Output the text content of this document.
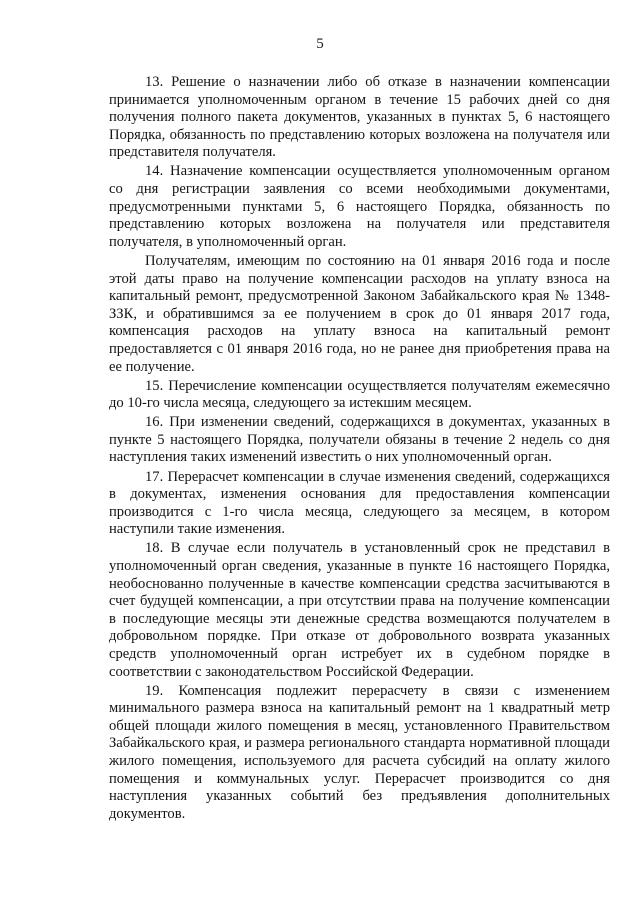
5

13. Решение о назначении либо об отказе в назначении компенсации принимается уполномоченным органом в течение 15 рабочих дней со дня получения полного пакета документов, указанных в пунктах 5, 6 настоящего Порядка, обязанность по представлению которых возложена на получателя или представителя получателя.

14. Назначение компенсации осуществляется уполномоченным органом со дня регистрации заявления со всеми необходимыми документами, предусмотренными пунктами 5, 6 настоящего Порядка, обязанность по представлению которых возложена на получателя или представителя получателя, в уполномоченный орган.

Получателям, имеющим по состоянию на 01 января 2016 года и после этой даты право на получение компенсации расходов на уплату взноса на капитальный ремонт, предусмотренной Законом Забайкальского края № 1348-ЗЗК, и обратившимся за ее получением в срок до 01 января 2017 года, компенсация расходов на уплату взноса на капитальный ремонт предоставляется с 01 января 2016 года, но не ранее дня приобретения права на ее получение.

15. Перечисление компенсации осуществляется получателям ежемесячно до 10-го числа месяца, следующего за истекшим месяцем.

16. При изменении сведений, содержащихся в документах, указанных в пункте 5 настоящего Порядка, получатели обязаны в течение 2 недель со дня наступления таких изменений известить о них уполномоченный орган.

17. Перерасчет компенсации в случае изменения сведений, содержащихся в документах, изменения основания для предоставления компенсации производится с 1-го числа месяца, следующего за месяцем, в котором наступили такие изменения.

18. В случае если получатель в установленный срок не представил в уполномоченный орган сведения, указанные в пункте 16 настоящего Порядка, необоснованно полученные в качестве компенсации средства засчитываются в счет будущей компенсации, а при отсутствии права на получение компенсации в последующие месяцы эти денежные средства возмещаются получателем в добровольном порядке. При отказе от добровольного возврата указанных средств уполномоченный орган истребует их в судебном порядке в соответствии с законодательством Российской Федерации.

19. Компенсация подлежит перерасчету в связи с изменением минимального размера взноса на капитальный ремонт на 1 квадратный метр общей площади жилого помещения в месяц, установленного Правительством Забайкальского края, и размера регионального стандарта нормативной площади жилого помещения, используемого для расчета субсидий на оплату жилого помещения и коммунальных услуг. Перерасчет производится со дня наступления указанных событий без предъявления дополнительных документов.
